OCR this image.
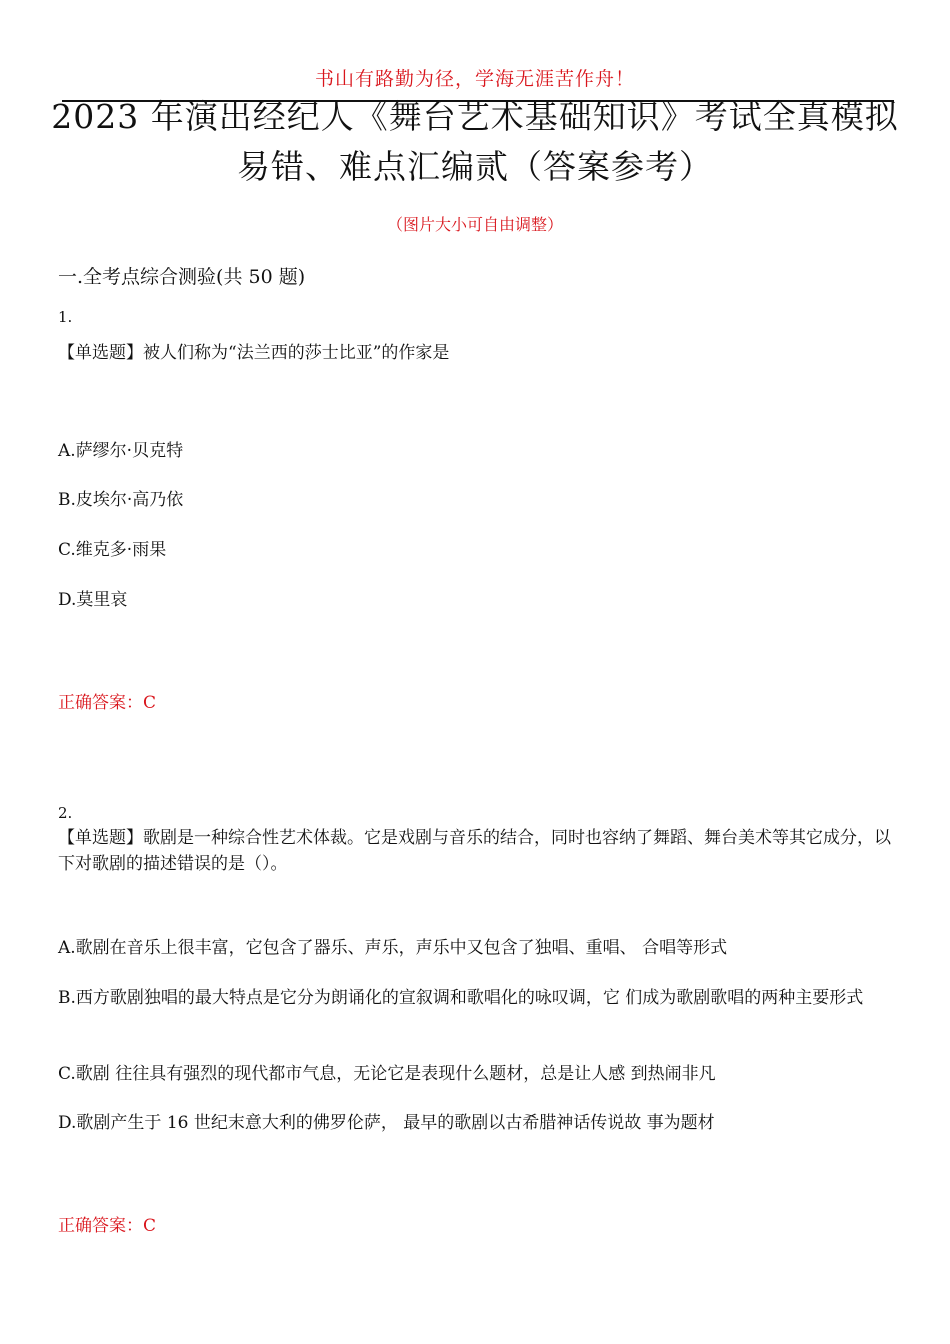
书山有路勤为径，学海无涯苦作舟！
2023 年演出经纪人《舞台艺术基础知识》考试全真模拟易错、难点汇编贰（答案参考）
（图片大小可自由调整）
一.全考点综合测验(共 50 题)
1.
【单选题】被人们称为“法兰西的莎士比亚”的作家是
A.萨缪尔·贝克特
B.皮埃尔·高乃依
C.维克多·雨果
D.莫里哀
正确答案：C
2.
【单选题】歌剧是一种综合性艺术体裁。它是戏剧与音乐的结合，同时也容纳了舞蹈、舞台美术等其它成分，以下对歌剧的描述错误的是（）。
A.歌剧在音乐上很丰富，它包含了器乐、声乐，声乐中又包含了独唱、重唱、 合唱等形式
B.西方歌剧独唱的最大特点是它分为朗诵化的宣叙调和歌唱化的咏叹调，它 们成为歌剧歌唱的两种主要形式
C.歌剧 往往具有强烈的现代都市气息，无论它是表现什么题材，总是让人感 到热闹非凡
D.歌剧产生于 16 世纪末意大利的佛罗伦萨， 最早的歌剧以古希腊神话传说故 事为题材
正确答案：C
